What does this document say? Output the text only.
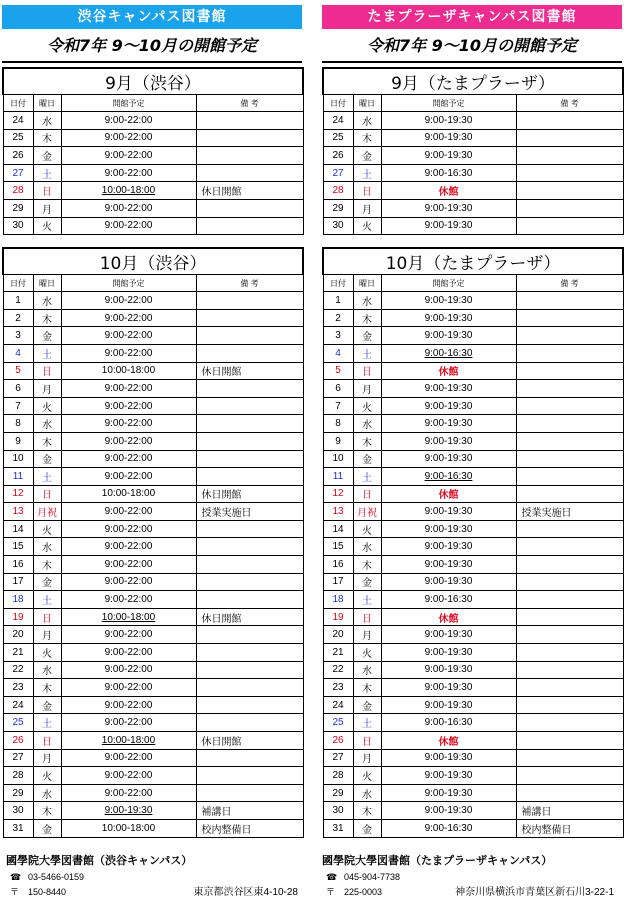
渋谷キャンパス図書館
令和7年 9～10月の開館予定
9月（渋谷）			
日付	曜日	開館予定	備 考
24	水	9:00-22:00	
25	木	9:00-22:00	
26	金	9:00-22:00	
27	土	9:00-22:00	
28	日	10:00-18:00	休日開館
29	月	9:00-22:00	
30	火	9:00-22:00	
10月（渋谷）			
日付	曜日	開館予定	備 考
1	水	9:00-22:00	
2	木	9:00-22:00	
3	金	9:00-22:00	
4	土	9:00-22:00	
5	日	10:00-18:00	休日開館
6	月	9:00-22:00	
7	火	9:00-22:00	
8	水	9:00-22:00	
9	木	9:00-22:00	
10	金	9:00-22:00	
11	土	9:00-22:00	
12	日	10:00-18:00	休日開館
13	月祝	9:00-22:00	授業実施日
14	火	9:00-22:00	
15	水	9:00-22:00	
16	木	9:00-22:00	
17	金	9:00-22:00	
18	土	9:00-22:00	
19	日	10:00-18:00	休日開館
20	月	9:00-22:00	
21	火	9:00-22:00	
22	水	9:00-22:00	
23	木	9:00-22:00	
24	金	9:00-22:00	
25	土	9:00-22:00	
26	日	10:00-18:00	休日開館
27	月	9:00-22:00	
28	火	9:00-22:00	
29	水	9:00-22:00	
30	木	9:00-19:30	補講日
31	金	10:00-18:00	校内整備日
たまプラーザキャンパス図書館
令和7年 9～10月の開館予定
9月（たまプラーザ）			
日付	曜日	開館予定	備 考
24	水	9:00-19:30	
25	木	9:00-19:30	
26	金	9:00-19:30	
27	土	9:00-16:30	
28	日	休館	
29	月	9:00-19:30	
30	火	9:00-19:30	
10月（たまプラーザ）			
日付	曜日	開館予定	備 考
1	水	9:00-19:30	
2	木	9:00-19:30	
3	金	9:00-19:30	
4	土	9:00-16:30	
5	日	休館	
6	月	9:00-19:30	
7	火	9:00-19:30	
8	水	9:00-19:30	
9	木	9:00-19:30	
10	金	9:00-19:30	
11	土	9:00-16:30	
12	日	休館	
13	月祝	9:00-19:30	授業実施日
14	火	9:00-19:30	
15	水	9:00-19:30	
16	木	9:00-19:30	
17	金	9:00-19:30	
18	土	9:00-16:30	
19	日	休館	
20	月	9:00-19:30	
21	火	9:00-19:30	
22	水	9:00-19:30	
23	木	9:00-19:30	
24	金	9:00-19:30	
25	土	9:00-16:30	
26	日	休館	
27	月	9:00-19:30	
28	火	9:00-19:30	
29	水	9:00-19:30	
30	木	9:00-19:30	補講日
31	金	9:00-16:30	校内整備日
國學院大學図書館（渋谷キャンパス）
☎ 03-5466-0159
〒 150-8440	東京都渋谷区東4-10-28
國學院大學図書館（たまプラーザキャンパス）
☎ 045-904-7738
〒 225-0003	神奈川県横浜市青葉区新石川3-22-1
